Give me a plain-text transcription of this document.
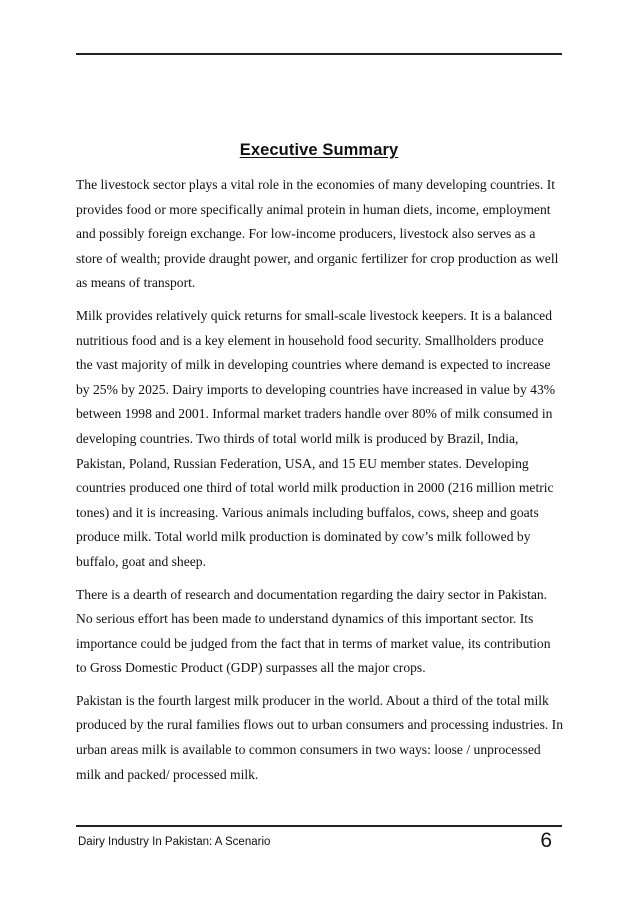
Executive Summary

The livestock sector plays a vital role in the economies of many developing countries. It provides food or more specifically animal protein in human diets, income, employment and possibly foreign exchange. For low-income producers, livestock also serves as a store of wealth; provide draught power, and organic fertilizer for crop production as well as means of transport.

Milk provides relatively quick returns for small-scale livestock keepers. It is a balanced nutritious food and is a key element in household food security. Smallholders produce the vast majority of milk in developing countries where demand is expected to increase by 25% by 2025. Dairy imports to developing countries have increased in value by 43% between 1998 and 2001. Informal market traders handle over 80% of milk consumed in developing countries. Two thirds of total world milk is produced by Brazil, India, Pakistan, Poland, Russian Federation, USA, and 15 EU member states. Developing countries produced one third of total world milk production in 2000 (216 million metric tones) and it is increasing. Various animals including buffalos, cows, sheep and goats produce milk. Total world milk production is dominated by cow’s milk followed by buffalo, goat and sheep.

There is a dearth of research and documentation regarding the dairy sector in Pakistan. No serious effort has been made to understand dynamics of this important sector. Its importance could be judged from the fact that in terms of market value, its contribution to Gross Domestic Product (GDP) surpasses all the major crops.

Pakistan is the fourth largest milk producer in the world. About a third of the total milk produced by the rural families flows out to urban consumers and processing industries. In urban areas milk is available to common consumers in two ways: loose / unprocessed milk and packed/ processed milk.

Dairy Industry In Pakistan: A Scenario	6
